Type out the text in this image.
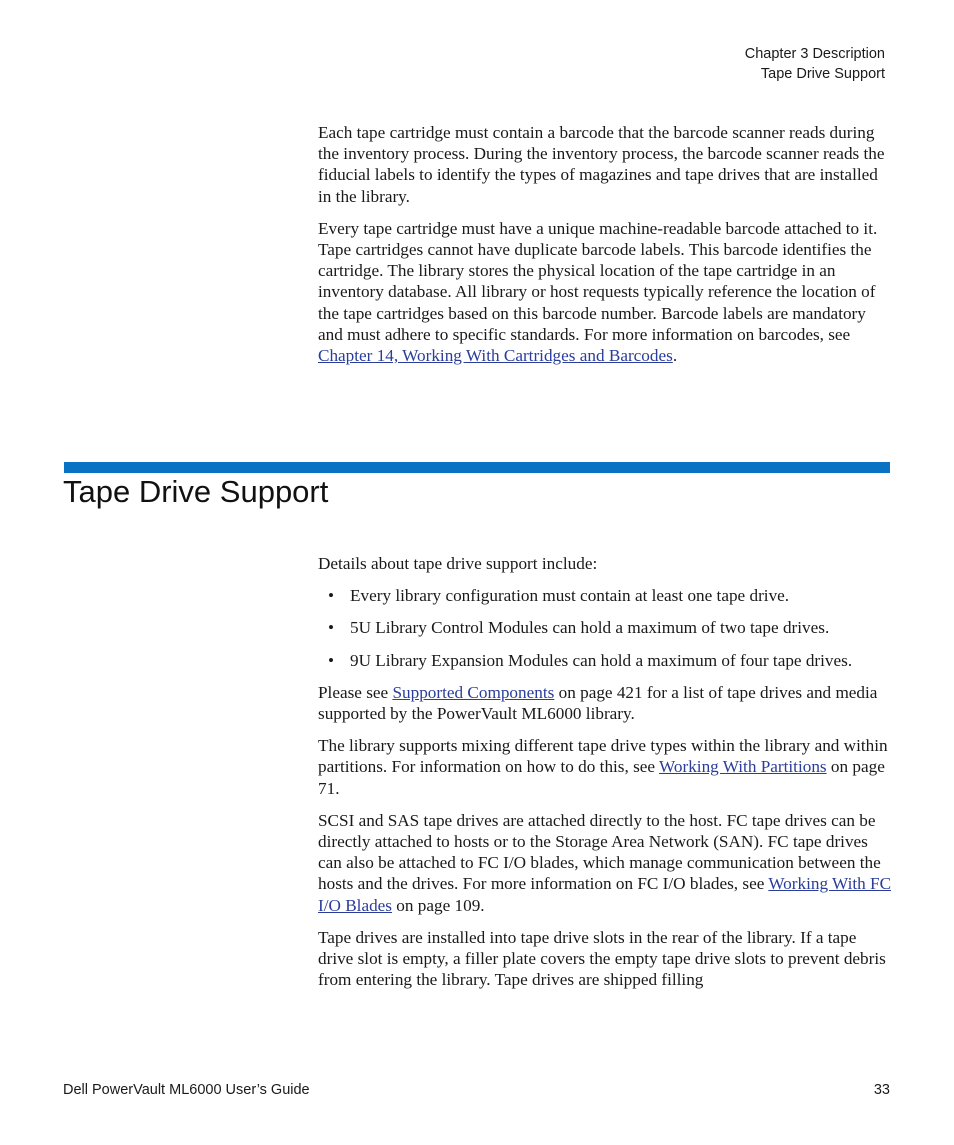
Chapter 3 Description
Tape Drive Support

Each tape cartridge must contain a barcode that the barcode scanner reads during the inventory process. During the inventory process, the barcode scanner reads the fiducial labels to identify the types of magazines and tape drives that are installed in the library.

Every tape cartridge must have a unique machine-readable barcode attached to it. Tape cartridges cannot have duplicate barcode labels. This barcode identifies the cartridge. The library stores the physical location of the tape cartridge in an inventory database. All library or host requests typically reference the location of the tape cartridges based on this barcode number. Barcode labels are mandatory and must adhere to specific standards. For more information on barcodes, see Chapter 14, Working With Cartridges and Barcodes.

Tape Drive Support

Details about tape drive support include:

• Every library configuration must contain at least one tape drive.
• 5U Library Control Modules can hold a maximum of two tape drives.
• 9U Library Expansion Modules can hold a maximum of four tape drives.

Please see Supported Components on page 421 for a list of tape drives and media supported by the PowerVault ML6000 library.

The library supports mixing different tape drive types within the library and within partitions. For information on how to do this, see Working With Partitions on page 71.

SCSI and SAS tape drives are attached directly to the host. FC tape drives can be directly attached to hosts or to the Storage Area Network (SAN). FC tape drives can also be attached to FC I/O blades, which manage communication between the hosts and the drives. For more information on FC I/O blades, see Working With FC I/O Blades on page 109.

Tape drives are installed into tape drive slots in the rear of the library. If a tape drive slot is empty, a filler plate covers the empty tape drive slots to prevent debris from entering the library. Tape drives are shipped filling

Dell PowerVault ML6000 User’s Guide	33
